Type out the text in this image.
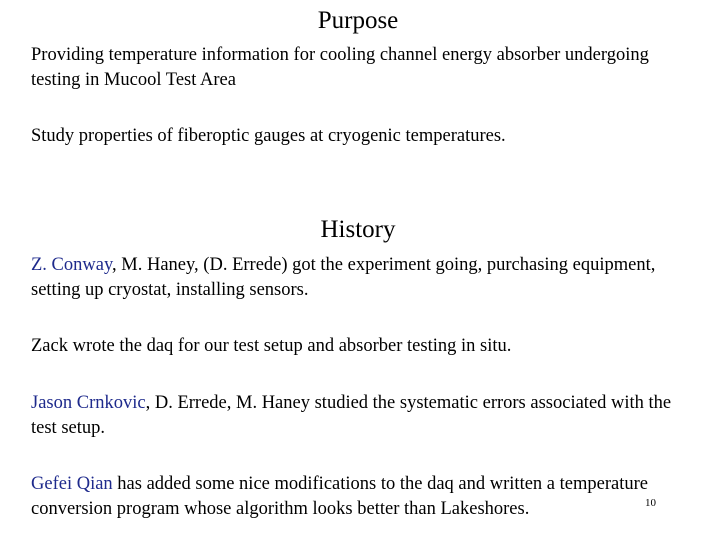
Purpose
Providing temperature information for cooling channel energy absorber undergoing testing in Mucool Test Area
Study properties of fiberoptic gauges at cryogenic temperatures.
History
Z. Conway, M. Haney, (D. Errede) got the experiment going, purchasing equipment, setting up cryostat, installing sensors.
Zack wrote the daq for our test setup and absorber testing in situ.
Jason Crnkovic, D. Errede, M. Haney studied the systematic errors associated with the test setup.
Gefei Qian has added some nice modifications to the daq and written a temperature conversion program whose algorithm looks better than Lakeshores.	10
